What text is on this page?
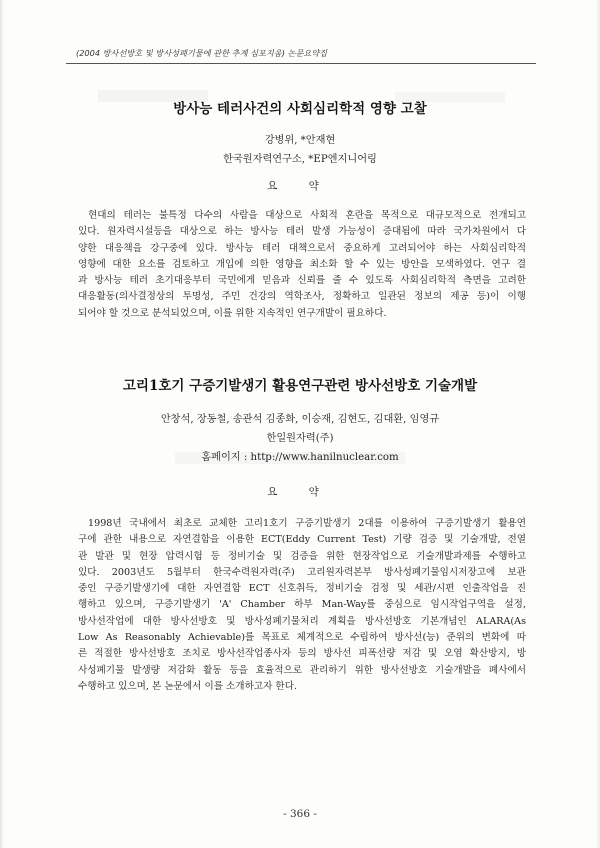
(2004 방사선방호 및 방사성폐기물에 관한 추계 심포지움) 논문요약집
방사능 테러사건의 사회심리학적 영향 고찰
강병위, *안재현
한국원자력연구소, *EP엔지니어링
요 약
현대의 테러는 불특정 다수의 사람을 대상으로 사회적 혼란을 목적으로 대규모적으로 전개되고
있다. 원자력시설등을 대상으로 하는 방사능 테러 발생 가능성이 증대됨에 따라 국가차원에서 다
양한 대응책을 강구중에 있다. 방사능 테러 대책으로서 중요하게 고려되어야 하는 사회심리학적
영향에 대한 요소를 검토하고 개입에 의한 영향을 최소화 할 수 있는 방안을 모색하였다. 연구 결
과 방사능 테러 초기대응부터 국민에게 믿음과 신뢰를 줄 수 있도록 사회심리학적 측면을 고려한
대응활동(의사결정상의 투명성, 주민 건강의 역학조사, 정확하고 일관된 정보의 제공 등)이 이행
되어야 할 것으로 분석되었으며, 이를 위한 지속적인 연구개발이 필요하다.
고리1호기 구증기발생기 활용연구관련 방사선방호 기술개발
안창석, 장동철, 송관석 김종화, 이승재, 김현도, 김대환, 임영규
한일원자력(주)
홈페이지 : http://www.hanilnuclear.com
요 약
1998년 국내에서 최초로 교체한 고리1호기 구증기발생기 2대를 이용하여 구증기발생기 활용연
구에 관한 내용으로 자연결함을 이용한 ECT(Eddy Current Test) 기량 검증 및 기술개발, 전열
관 발관 및 현장 압력시험 등 정비기술 및 검증을 위한 현장작업으로 기술개발과제를 수행하고
있다. 2003년도 5월부터 한국수력원자력(주) 고리원자력본부 방사성폐기물임시저장고에 보관
중인 구증기발생기에 대한 자연결함 ECT 신호취득, 정비기술 검정 및 세관/시편 인출작업을 진
행하고 있으며, 구증기발생기 'A' Chamber 하부 Man-Way를 중심으로 임시작업구역을 설정,
방사선작업에 대한 방사선방호 및 방사성폐기물처리 계획을 방사선방호 기본개념인 ALARA(As
Low As Reasonably Achievable)를 목표로 체계적으로 수립하여 방사선(능) 준위의 변화에 따
른 적절한 방사선방호 조치로 방사선작업종사자 등의 방사선 피폭선량 저감 및 오염 확산방지, 방
사성폐기물 발생량 저감화 활동 등을 효율적으로 관리하기 위한 방사선방호 기술개발을 폐사에서
수행하고 있으며, 본 논문에서 이를 소개하고자 한다.
- 366 -
